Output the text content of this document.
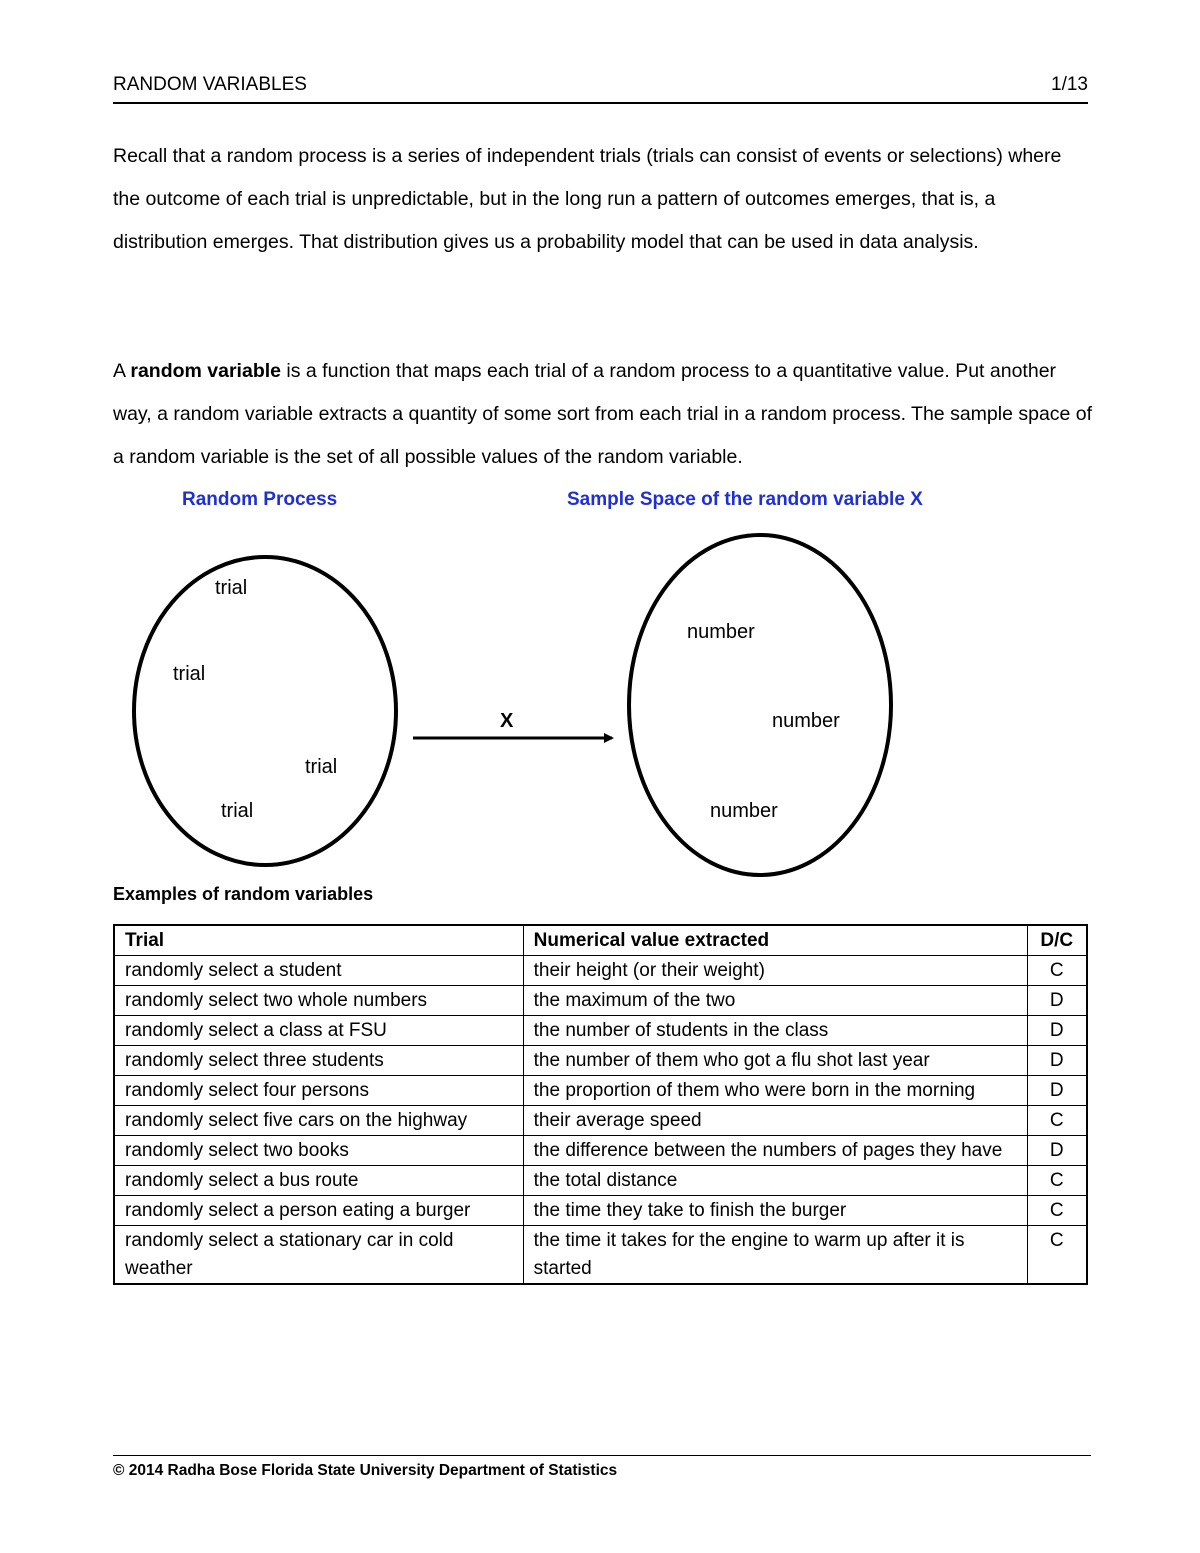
RANDOM VARIABLES	1/13
Recall that a random process is a series of independent trials (trials can consist of events or selections) where the outcome of each trial is unpredictable, but in the long run a pattern of outcomes emerges, that is, a distribution emerges. That distribution gives us a probability model that can be used in data analysis.
A random variable is a function that maps each trial of a random process to a quantitative value. Put another way, a random variable extracts a quantity of some sort from each trial in a random process. The sample space of a random variable is the set of all possible values of the random variable.
Random Process	Sample Space of the random variable X
X
trial
trial
trial
trial
number
number
number
Examples of random variables
Trial	Numerical value extracted	D/C
randomly select a student	their height (or their weight)	C
randomly select two whole numbers	the maximum of the two	D
randomly select a class at FSU	the number of students in the class	D
randomly select three students	the number of them who got a flu shot last year	D
randomly select four persons	the proportion of them who were born in the morning	D
randomly select five cars on the highway	their average speed	C
randomly select two books	the difference between the numbers of pages they have	D
randomly select a bus route	the total distance	C
randomly select a person eating a burger	the time they take to finish the burger	C
randomly select a stationary car in cold weather	the time it takes for the engine to warm up after it is started	C
© 2014 Radha Bose Florida State University Department of Statistics
